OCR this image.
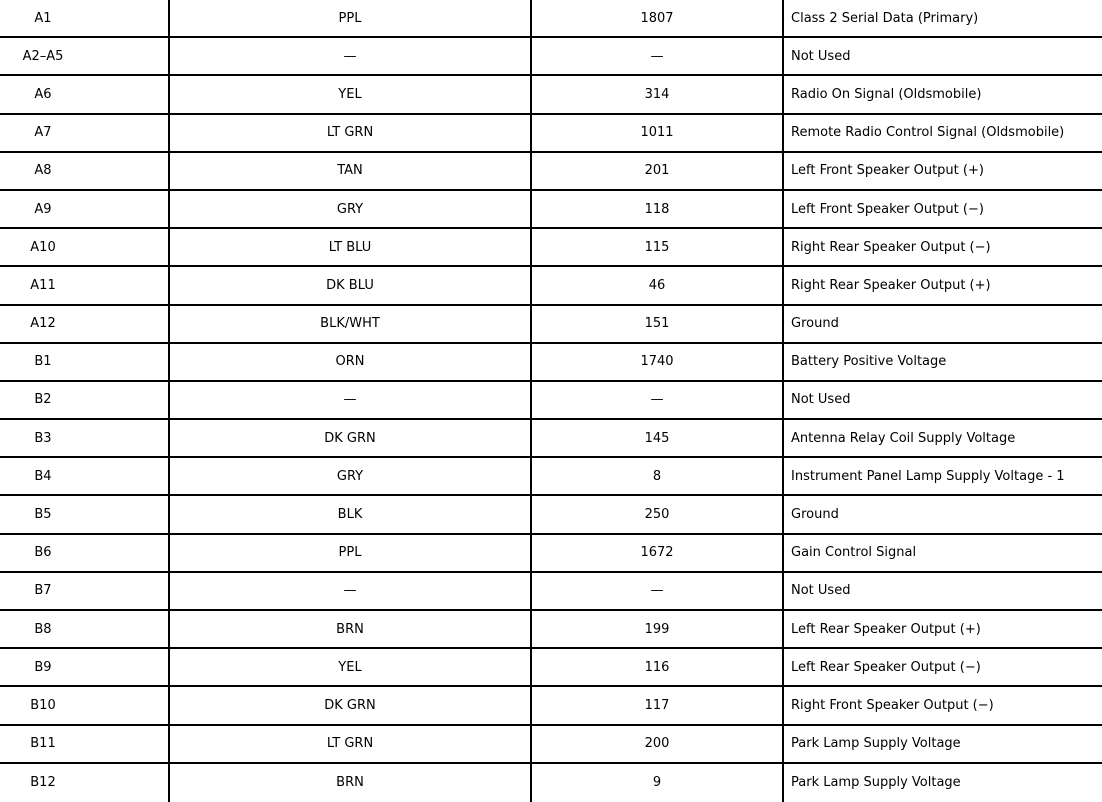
A1	PPL	1807	Class 2 Serial Data (Primary)
A2–A5	—	—	Not Used
A6	YEL	314	Radio On Signal (Oldsmobile)
A7	LT GRN	1011	Remote Radio Control Signal (Oldsmobile)
A8	TAN	201	Left Front Speaker Output (+)
A9	GRY	118	Left Front Speaker Output (−)
A10	LT BLU	115	Right Rear Speaker Output (−)
A11	DK BLU	46	Right Rear Speaker Output (+)
A12	BLK/WHT	151	Ground
B1	ORN	1740	Battery Positive Voltage
B2	—	—	Not Used
B3	DK GRN	145	Antenna Relay Coil Supply Voltage
B4	GRY	8	Instrument Panel Lamp Supply Voltage - 1
B5	BLK	250	Ground
B6	PPL	1672	Gain Control Signal
B7	—	—	Not Used
B8	BRN	199	Left Rear Speaker Output (+)
B9	YEL	116	Left Rear Speaker Output (−)
B10	DK GRN	117	Right Front Speaker Output (−)
B11	LT GRN	200	Park Lamp Supply Voltage
B12	BRN	9	Park Lamp Supply Voltage
